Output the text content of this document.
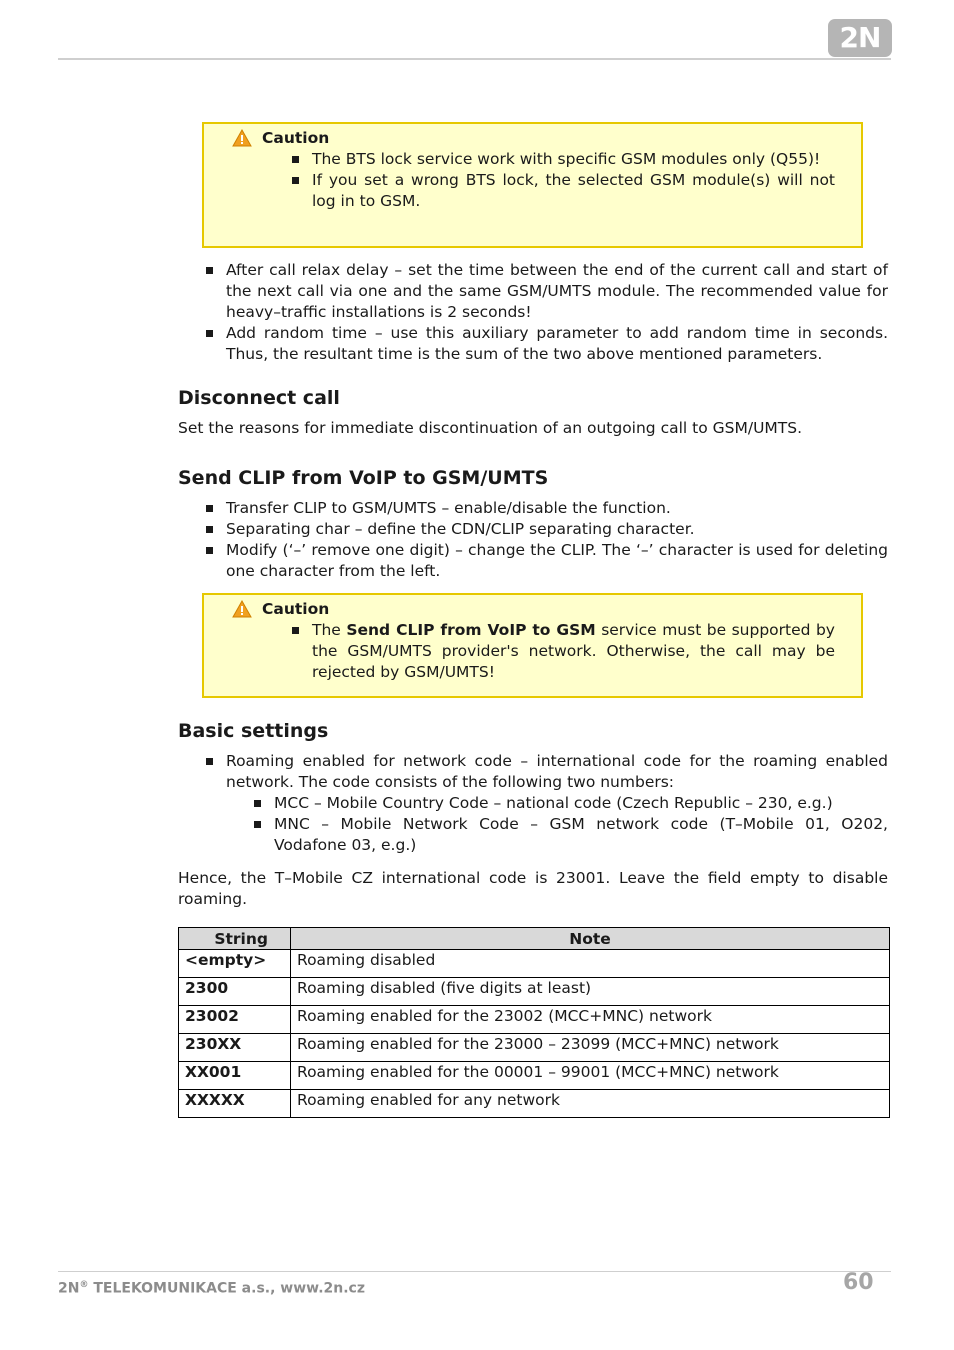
2N
Caution
The BTS lock service work with specific GSM modules only (Q55)!
If you set a wrong BTS lock, the selected GSM module(s) will not log in to GSM.
After call relax delay – set the time between the end of the current call and start of the next call via one and the same GSM/UMTS module. The recommended value for heavy–traffic installations is 2 seconds!
Add random time – use this auxiliary parameter to add random time in seconds. Thus, the resultant time is the sum of the two above mentioned parameters.
Disconnect call

Set the reasons for immediate discontinuation of an outgoing call to GSM/UMTS.

Send CLIP from VoIP to GSM/UMTS
Transfer CLIP to GSM/UMTS – enable/disable the function.
Separating char – define the CDN/CLIP separating character.
Modify (‘–’ remove one digit) – change the CLIP. The ‘–’ character is used for deleting one character from the left.
Caution
The Send CLIP from VoIP to GSM service must be supported by the GSM/UMTS provider's network. Otherwise, the call may be rejected by GSM/UMTS!
Basic settings
Roaming enabled for network code – international code for the roaming enabled network. The code consists of the following two numbers:
MCC – Mobile Country Code – national code (Czech Republic – 230, e.g.)
MNC – Mobile Network Code – GSM network code (T–Mobile 01, O202, Vodafone 03, e.g.)

Hence, the T–Mobile CZ international code is 23001. Leave the field empty to disable roaming.

String	Note
<empty>	Roaming disabled
2300	Roaming disabled (five digits at least)
23002	Roaming enabled for the 23002 (MCC+MNC) network
230XX	Roaming enabled for the 23000 – 23099 (MCC+MNC) network
XX001	Roaming enabled for the 00001 – 99001 (MCC+MNC) network
XXXXX	Roaming enabled for any network
2N® TELEKOMUNIKACE a.s., www.2n.cz	60
